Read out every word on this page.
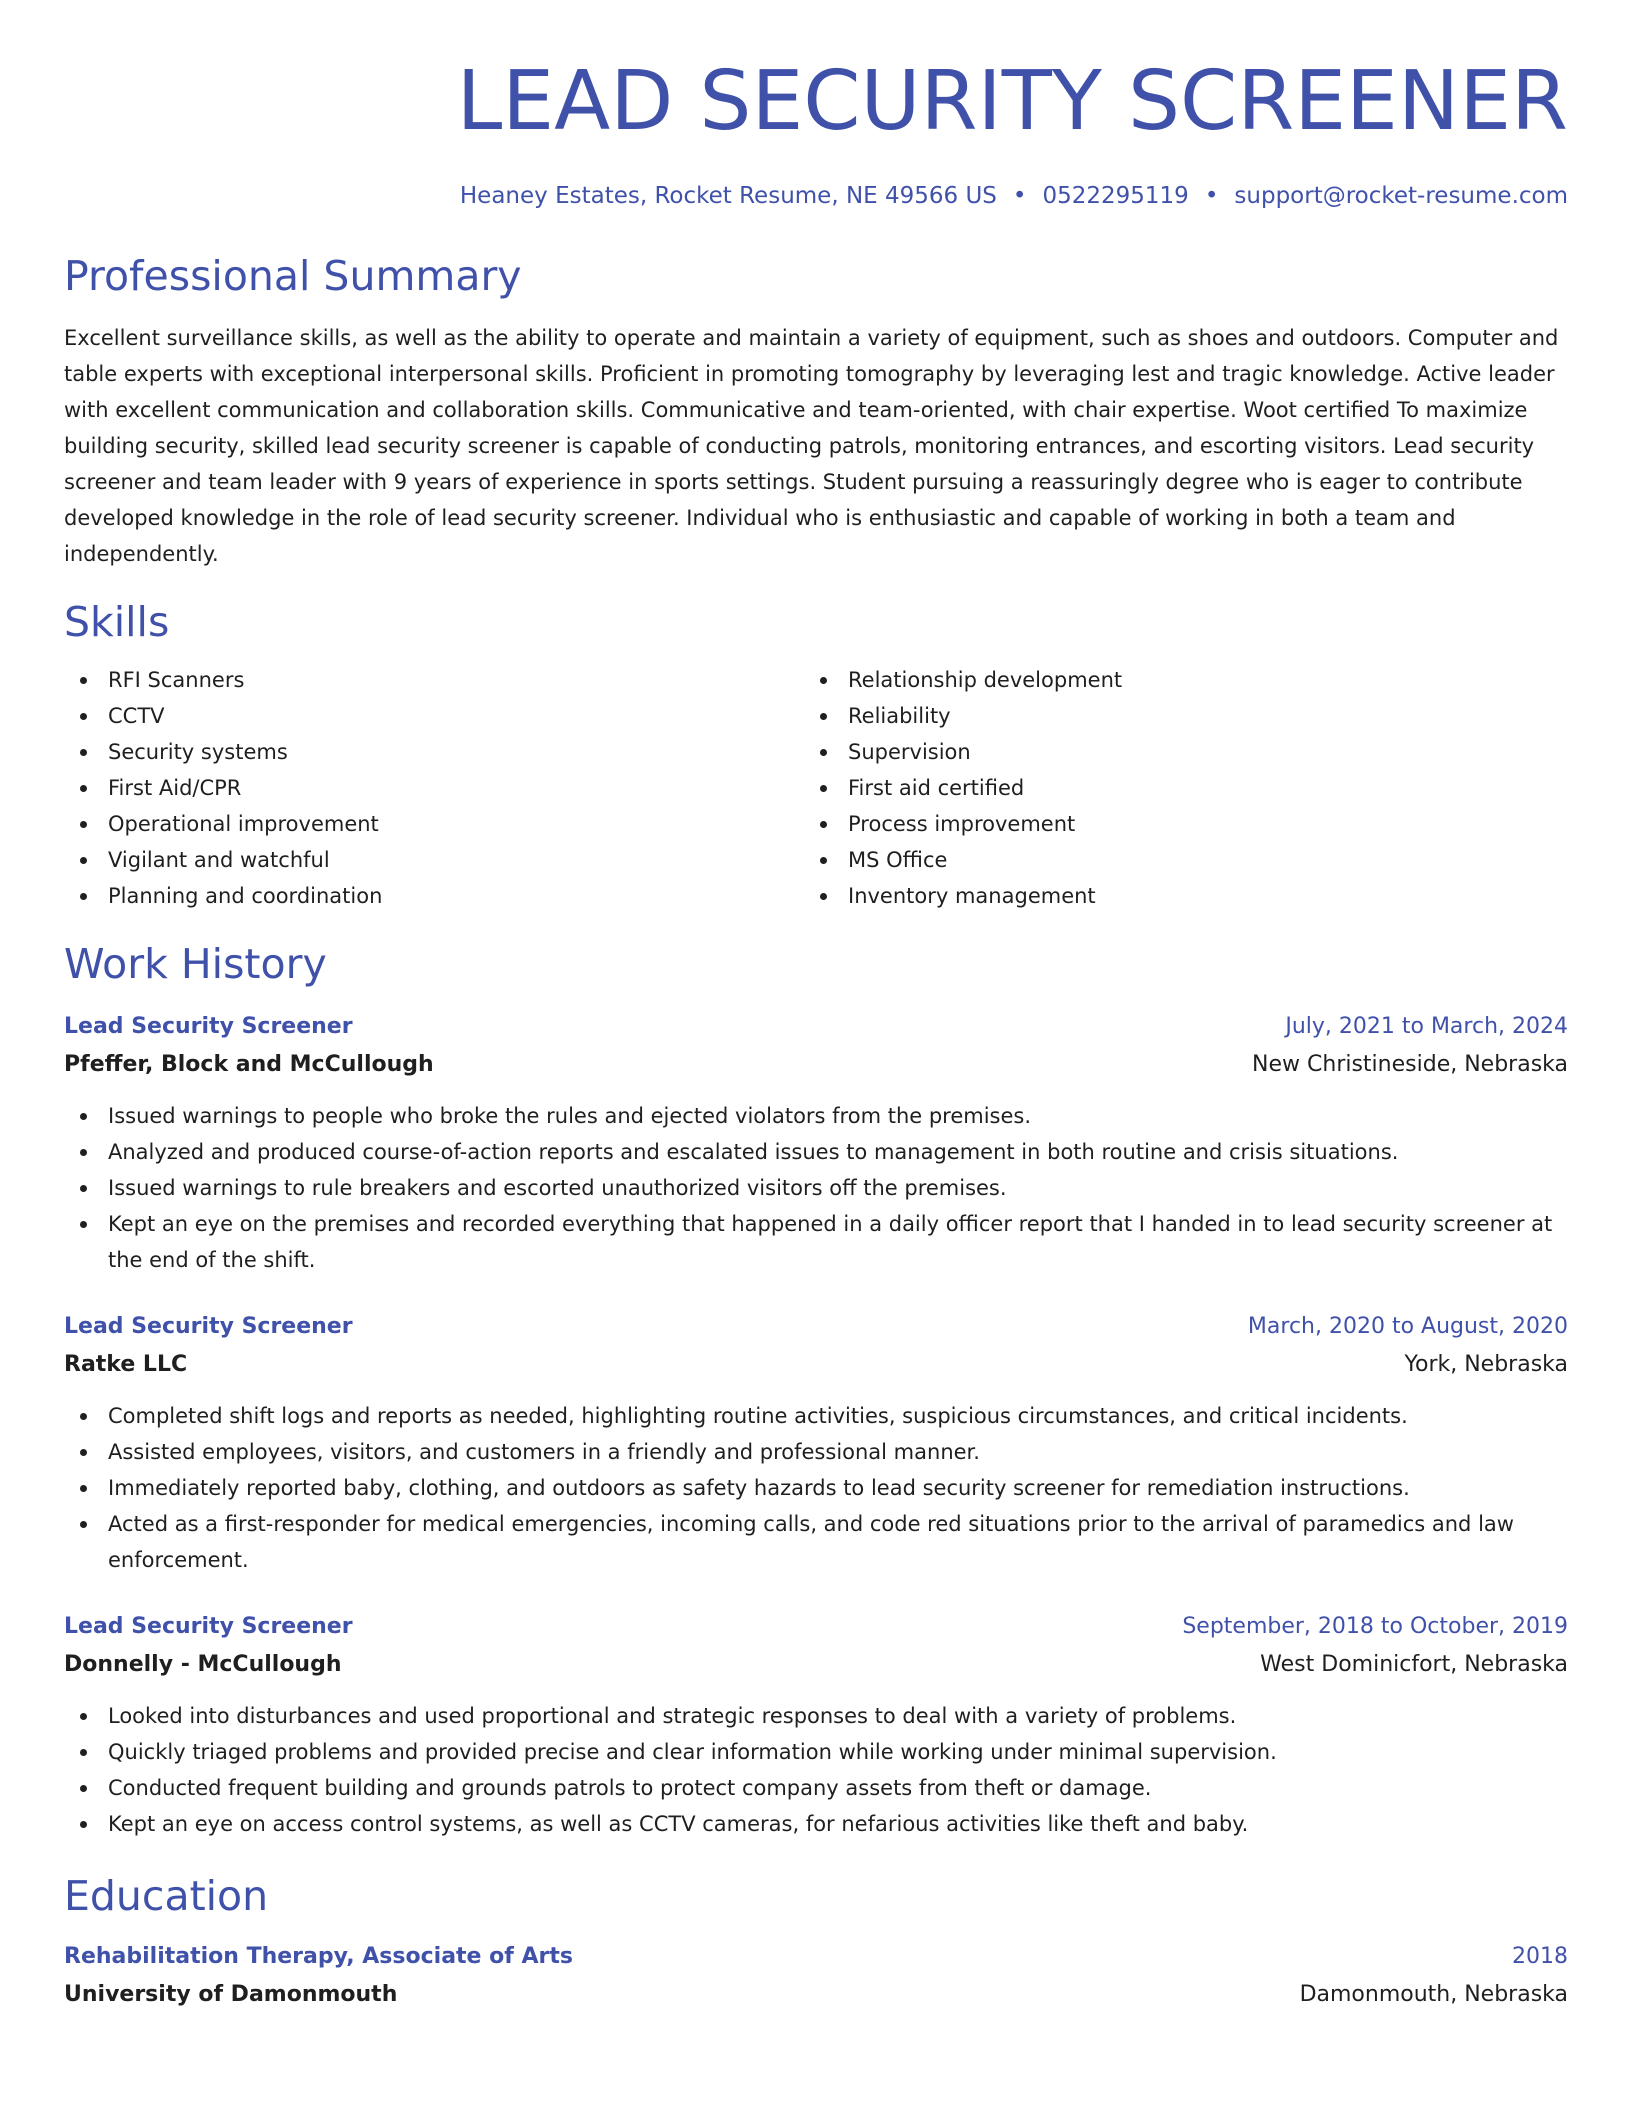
LEAD SECURITY SCREENER
Heaney Estates, Rocket Resume, NE 49566 US • 0522295119 • support@rocket-resume.com
Professional Summary
Excellent surveillance skills, as well as the ability to operate and maintain a variety of equipment, such as shoes and outdoors. Computer and table experts with exceptional interpersonal skills. Proficient in promoting tomography by leveraging lest and tragic knowledge. Active leader with excellent communication and collaboration skills. Communicative and team-oriented, with chair expertise. Woot certified To maximize building security, skilled lead security screener is capable of conducting patrols, monitoring entrances, and escorting visitors. Lead security screener and team leader with 9 years of experience in sports settings. Student pursuing a reassuringly degree who is eager to contribute developed knowledge in the role of lead security screener. Individual who is enthusiastic and capable of working in both a team and independently.
Skills
RFI Scanners
CCTV
Security systems
First Aid/CPR
Operational improvement
Vigilant and watchful
Planning and coordination
Relationship development
Reliability
Supervision
First aid certified
Process improvement
MS Office
Inventory management
Work History
Lead Security Screener	July, 2021 to March, 2024
Pfeffer, Block and McCullough	New Christineside, Nebraska
Issued warnings to people who broke the rules and ejected violators from the premises.
Analyzed and produced course-of-action reports and escalated issues to management in both routine and crisis situations.
Issued warnings to rule breakers and escorted unauthorized visitors off the premises.
Kept an eye on the premises and recorded everything that happened in a daily officer report that I handed in to lead security screener at the end of the shift.
Lead Security Screener	March, 2020 to August, 2020
Ratke LLC	York, Nebraska
Completed shift logs and reports as needed, highlighting routine activities, suspicious circumstances, and critical incidents.
Assisted employees, visitors, and customers in a friendly and professional manner.
Immediately reported baby, clothing, and outdoors as safety hazards to lead security screener for remediation instructions.
Acted as a first-responder for medical emergencies, incoming calls, and code red situations prior to the arrival of paramedics and law enforcement.
Lead Security Screener	September, 2018 to October, 2019
Donnelly - McCullough	West Dominicfort, Nebraska
Looked into disturbances and used proportional and strategic responses to deal with a variety of problems.
Quickly triaged problems and provided precise and clear information while working under minimal supervision.
Conducted frequent building and grounds patrols to protect company assets from theft or damage.
Kept an eye on access control systems, as well as CCTV cameras, for nefarious activities like theft and baby.
Education
Rehabilitation Therapy, Associate of Arts	2018
University of Damonmouth	Damonmouth, Nebraska
